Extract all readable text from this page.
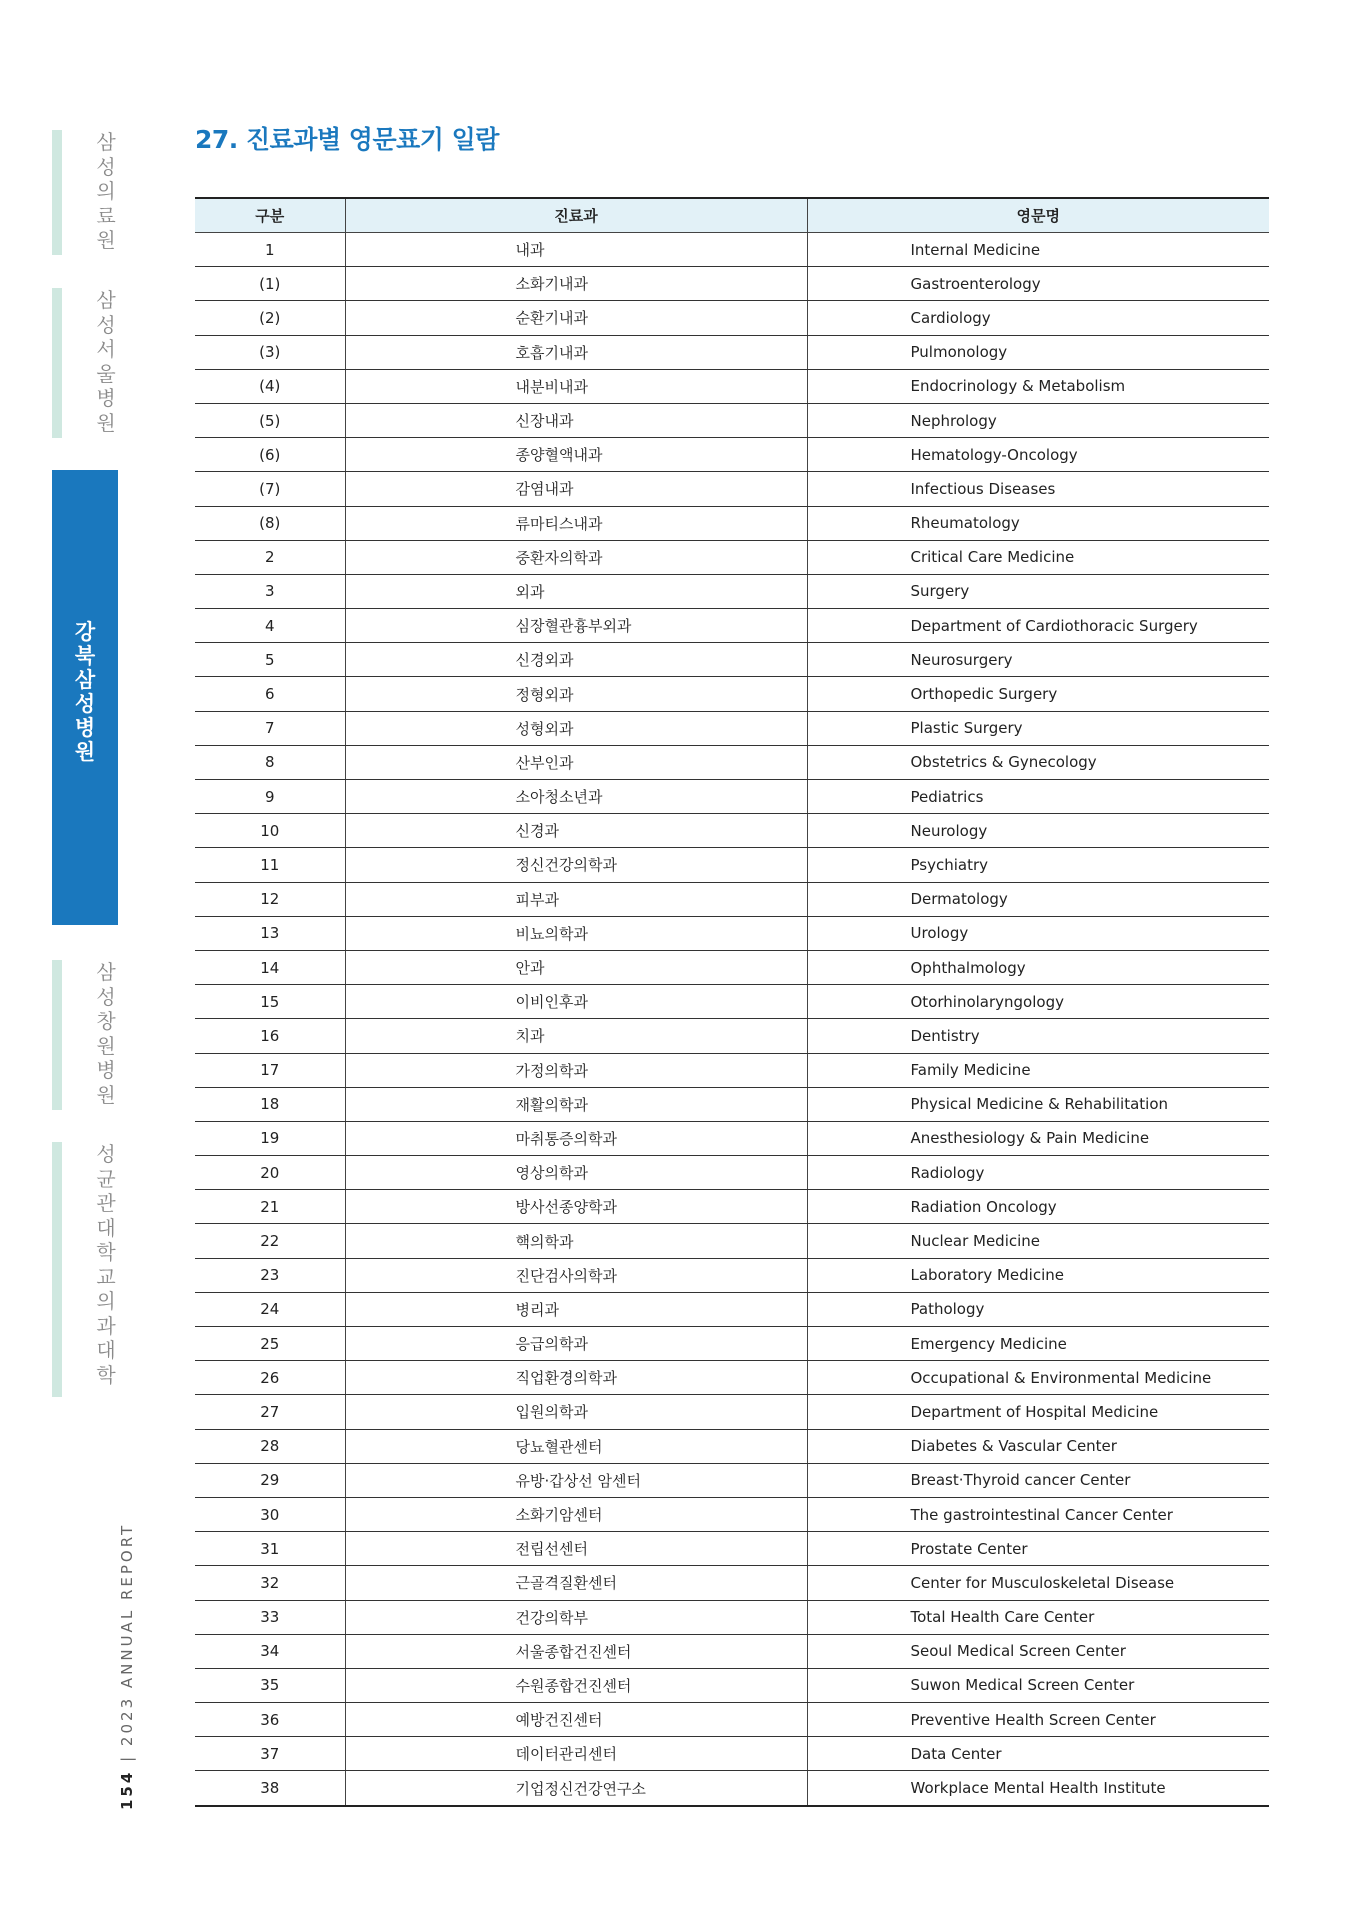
삼성의료원
삼성서울병원
강북삼성병원
삼성창원병원
성균관대학교 의과대학
154 | 2023 ANNUAL REPORT
27. 진료과별 영문표기 일람
구분	진료과	영문명
1	내과	Internal Medicine
(1)	소화기내과	Gastroenterology
(2)	순환기내과	Cardiology
(3)	호흡기내과	Pulmonology
(4)	내분비내과	Endocrinology & Metabolism
(5)	신장내과	Nephrology
(6)	종양혈액내과	Hematology-Oncology
(7)	감염내과	Infectious Diseases
(8)	류마티스내과	Rheumatology
2	중환자의학과	Critical Care Medicine
3	외과	Surgery
4	심장혈관흉부외과	Department of Cardiothoracic Surgery
5	신경외과	Neurosurgery
6	정형외과	Orthopedic Surgery
7	성형외과	Plastic Surgery
8	산부인과	Obstetrics & Gynecology
9	소아청소년과	Pediatrics
10	신경과	Neurology
11	정신건강의학과	Psychiatry
12	피부과	Dermatology
13	비뇨의학과	Urology
14	안과	Ophthalmology
15	이비인후과	Otorhinolaryngology
16	치과	Dentistry
17	가정의학과	Family Medicine
18	재활의학과	Physical Medicine & Rehabilitation
19	마취통증의학과	Anesthesiology & Pain Medicine
20	영상의학과	Radiology
21	방사선종양학과	Radiation Oncology
22	핵의학과	Nuclear Medicine
23	진단검사의학과	Laboratory Medicine
24	병리과	Pathology
25	응급의학과	Emergency Medicine
26	직업환경의학과	Occupational & Environmental Medicine
27	입원의학과	Department of Hospital Medicine
28	당뇨혈관센터	Diabetes & Vascular Center
29	유방·갑상선 암센터	Breast·Thyroid cancer Center
30	소화기암센터	The gastrointestinal Cancer Center
31	전립선센터	Prostate Center
32	근골격질환센터	Center for Musculoskeletal Disease
33	건강의학부	Total Health Care Center
34	서울종합건진센터	Seoul Medical Screen Center
35	수원종합건진센터	Suwon Medical Screen Center
36	예방건진센터	Preventive Health Screen Center
37	데이터관리센터	Data Center
38	기업정신건강연구소	Workplace Mental Health Institute
